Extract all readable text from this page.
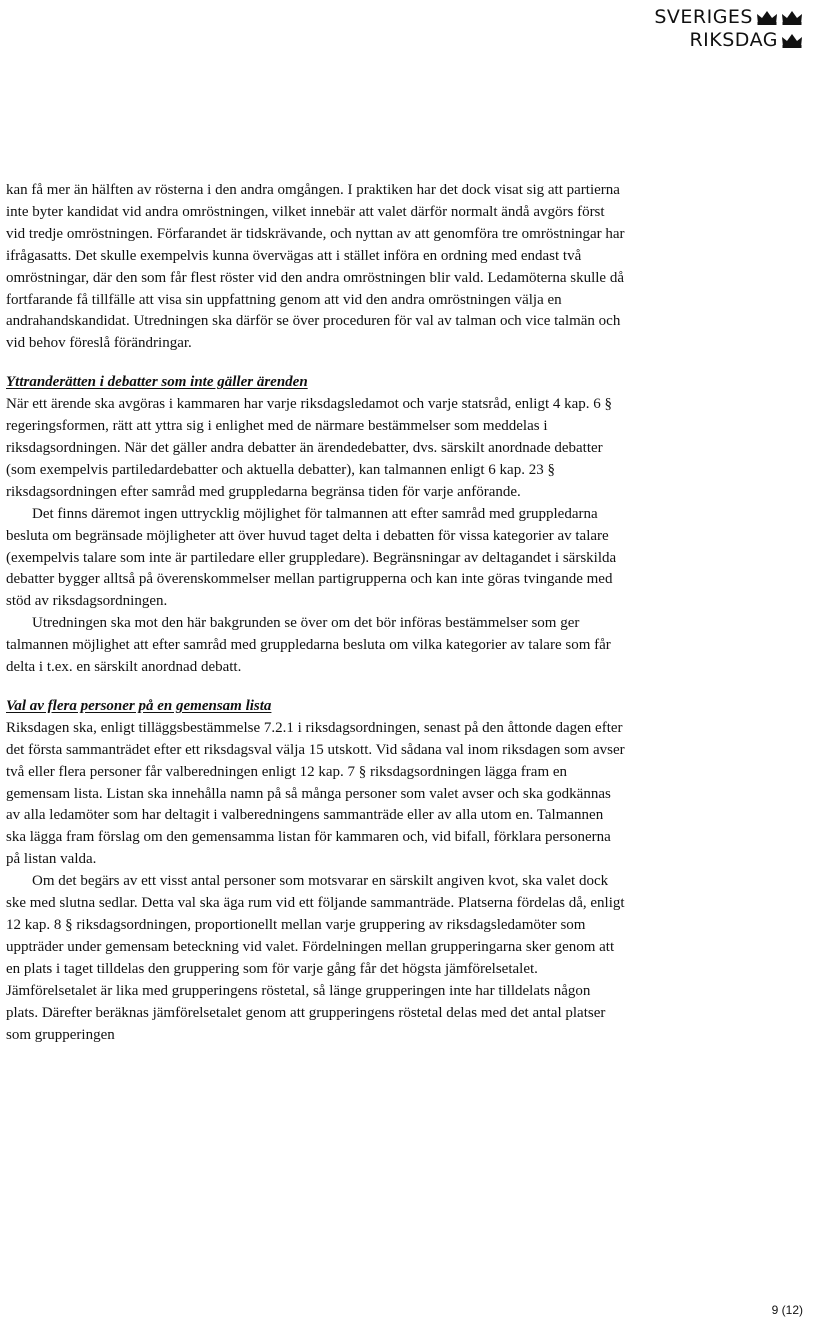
SVERIGES
RIKSDAG

kan få mer än hälften av rösterna i den andra omgången. I praktiken har det dock visat sig att partierna inte byter kandidat vid andra omröstningen, vilket innebär att valet därför normalt ändå avgörs först vid tredje omröstningen. Förfarandet är tidskrävande, och nyttan av att genomföra tre omröstningar har ifrågasatts. Det skulle exempelvis kunna övervägas att i stället införa en ordning med endast två omröstningar, där den som får flest röster vid den andra omröstningen blir vald. Ledamöterna skulle då fortfarande få tillfälle att visa sin uppfattning genom att vid den andra omröstningen välja en andrahandskandidat. Utredningen ska därför se över proceduren för val av talman och vice talmän och vid behov föreslå förändringar.

Yttranderätten i debatter som inte gäller ärenden

När ett ärende ska avgöras i kammaren har varje riksdagsledamot och varje statsråd, enligt 4 kap. 6 § regeringsformen, rätt att yttra sig i enlighet med de närmare bestämmelser som meddelas i riksdagsordningen. När det gäller andra debatter än ärendedebatter, dvs. särskilt anordnade debatter (som exempelvis partiledardebatter och aktuella debatter), kan talmannen enligt 6 kap. 23 § riksdagsordningen efter samråd med gruppledarna begränsa tiden för varje anförande.

Det finns däremot ingen uttrycklig möjlighet för talmannen att efter samråd med gruppledarna besluta om begränsade möjligheter att över huvud taget delta i debatten för vissa kategorier av talare (exempelvis talare som inte är partiledare eller gruppledare). Begränsningar av deltagandet i särskilda debatter bygger alltså på överenskommelser mellan partigrupperna och kan inte göras tvingande med stöd av riksdagsordningen.

Utredningen ska mot den här bakgrunden se över om det bör införas bestämmelser som ger talmannen möjlighet att efter samråd med gruppledarna besluta om vilka kategorier av talare som får delta i t.ex. en särskilt anordnad debatt.

Val av flera personer på en gemensam lista

Riksdagen ska, enligt tilläggsbestämmelse 7.2.1 i riksdagsordningen, senast på den åttonde dagen efter det första sammanträdet efter ett riksdagsval välja 15 utskott. Vid sådana val inom riksdagen som avser två eller flera personer får valberedningen enligt 12 kap. 7 § riksdagsordningen lägga fram en gemensam lista. Listan ska innehålla namn på så många personer som valet avser och ska godkännas av alla ledamöter som har deltagit i valberedningens sammanträde eller av alla utom en. Talmannen ska lägga fram förslag om den gemensamma listan för kammaren och, vid bifall, förklara personerna på listan valda.

Om det begärs av ett visst antal personer som motsvarar en särskilt angiven kvot, ska valet dock ske med slutna sedlar. Detta val ska äga rum vid ett följande sammanträde. Platserna fördelas då, enligt 12 kap. 8 § riksdagsordningen, proportionellt mellan varje gruppering av riksdagsledamöter som uppträder under gemensam beteckning vid valet. Fördelningen mellan grupperingarna sker genom att en plats i taget tilldelas den gruppering som för varje gång får det högsta jämförelsetalet. Jämförelsetalet är lika med grupperingens röstetal, så länge grupperingen inte har tilldelats någon plats. Därefter beräknas jämförelsetalet genom att grupperingens röstetal delas med det antal platser som grupperingen

9 (12)
